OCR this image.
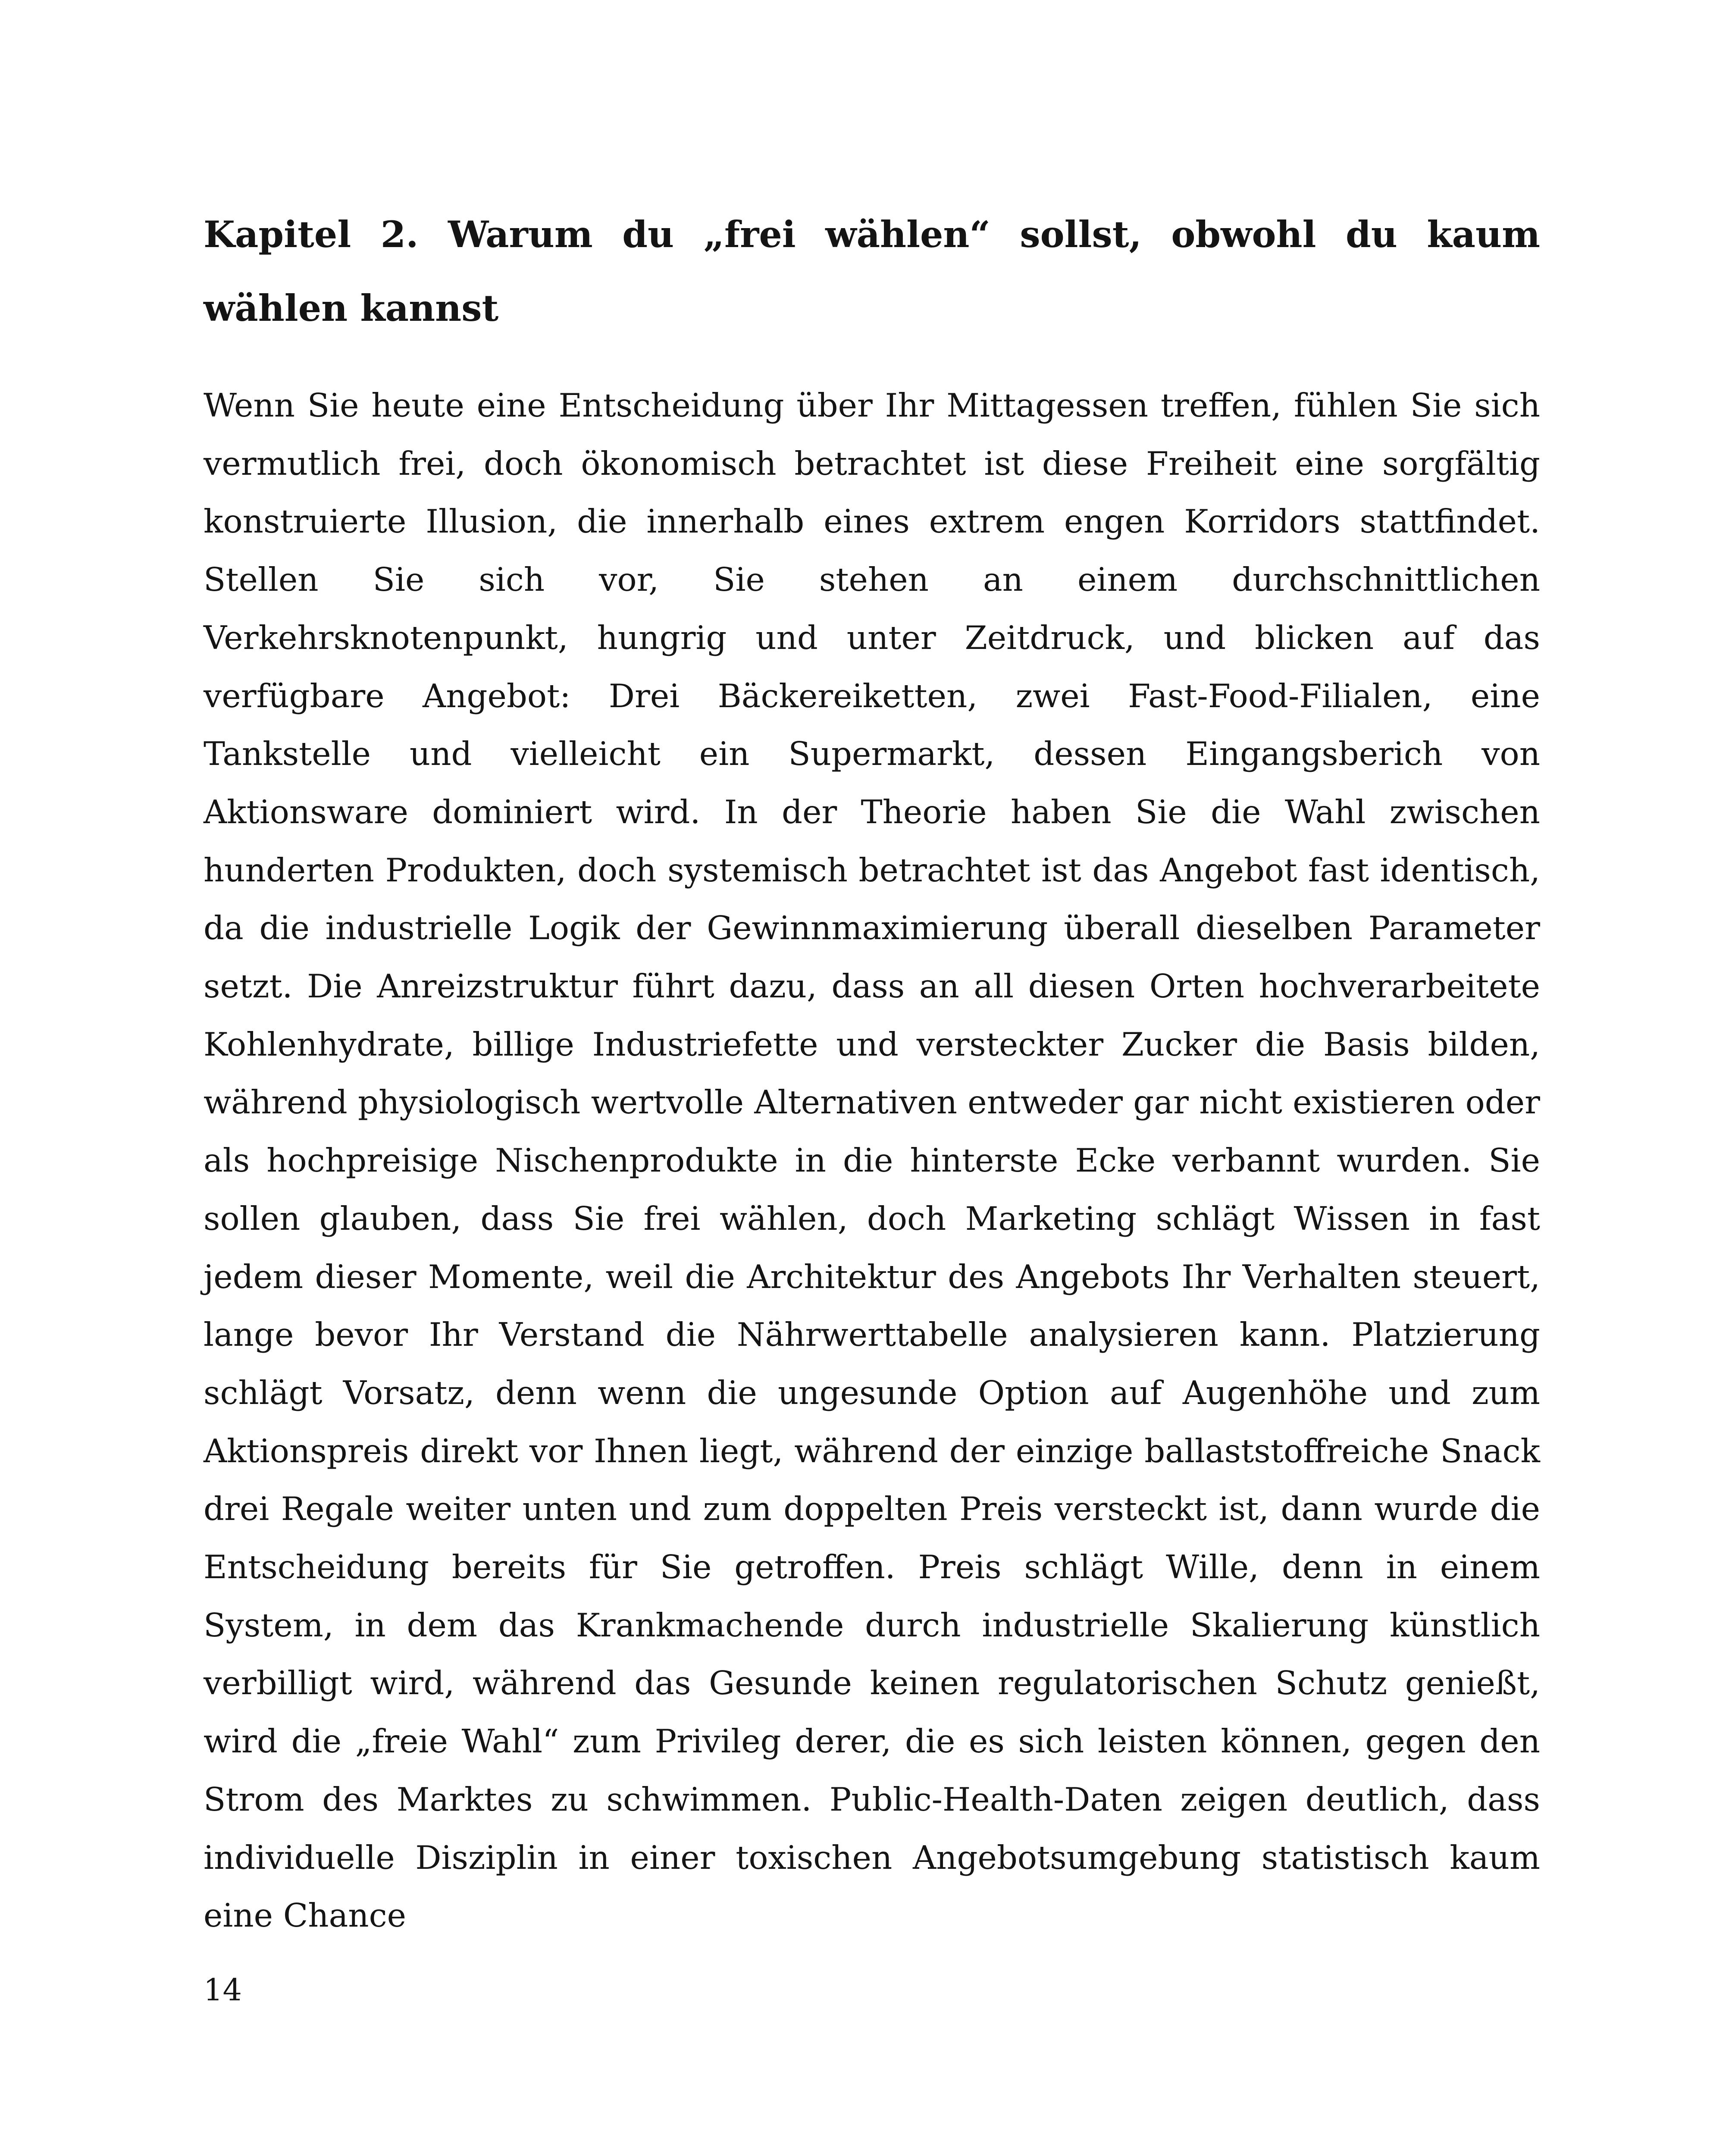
Kapitel 2. Warum du „frei wählen“ sollst, obwohl du kaum wählen kannst

Wenn Sie heute eine Entscheidung über Ihr Mittagessen treffen, fühlen Sie sich vermutlich frei, doch ökonomisch betrachtet ist diese Freiheit eine sorgfältig konstruierte Illusion, die innerhalb eines extrem engen Korridors stattfindet. Stellen Sie sich vor, Sie stehen an einem durchschnittlichen Verkehrsknotenpunkt, hungrig und unter Zeitdruck, und blicken auf das verfügbare Angebot: Drei Bäckereiketten, zwei Fast-Food-Filialen, eine Tankstelle und vielleicht ein Supermarkt, dessen Eingangsberich von Aktionsware dominiert wird. In der Theorie haben Sie die Wahl zwischen hunderten Produkten, doch systemisch betrachtet ist das Angebot fast identisch, da die industrielle Logik der Gewinnmaximierung überall dieselben Parameter setzt. Die Anreizstruktur führt dazu, dass an all diesen Orten hochverarbeitete Kohlenhydrate, billige Industriefette und versteckter Zucker die Basis bilden, während physiologisch wertvolle Alternativen entweder gar nicht existieren oder als hochpreisige Nischenprodukte in die hinterste Ecke verbannt wurden. Sie sollen glauben, dass Sie frei wählen, doch Marketing schlägt Wissen in fast jedem dieser Momente, weil die Architektur des Angebots Ihr Verhalten steuert, lange bevor Ihr Verstand die Nährwerttabelle analysieren kann. Platzierung schlägt Vorsatz, denn wenn die ungesunde Option auf Augenhöhe und zum Aktionspreis direkt vor Ihnen liegt, während der einzige ballaststoffreiche Snack drei Regale weiter unten und zum doppelten Preis versteckt ist, dann wurde die Entscheidung bereits für Sie getroffen. Preis schlägt Wille, denn in einem System, in dem das Krankmachende durch industrielle Skalierung künstlich verbilligt wird, während das Gesunde keinen regulatorischen Schutz genießt, wird die „freie Wahl“ zum Privileg derer, die es sich leisten können, gegen den Strom des Marktes zu schwimmen. Public-Health-Daten zeigen deutlich, dass individuelle Disziplin in einer toxischen Angebotsumgebung statistisch kaum eine Chance

14
